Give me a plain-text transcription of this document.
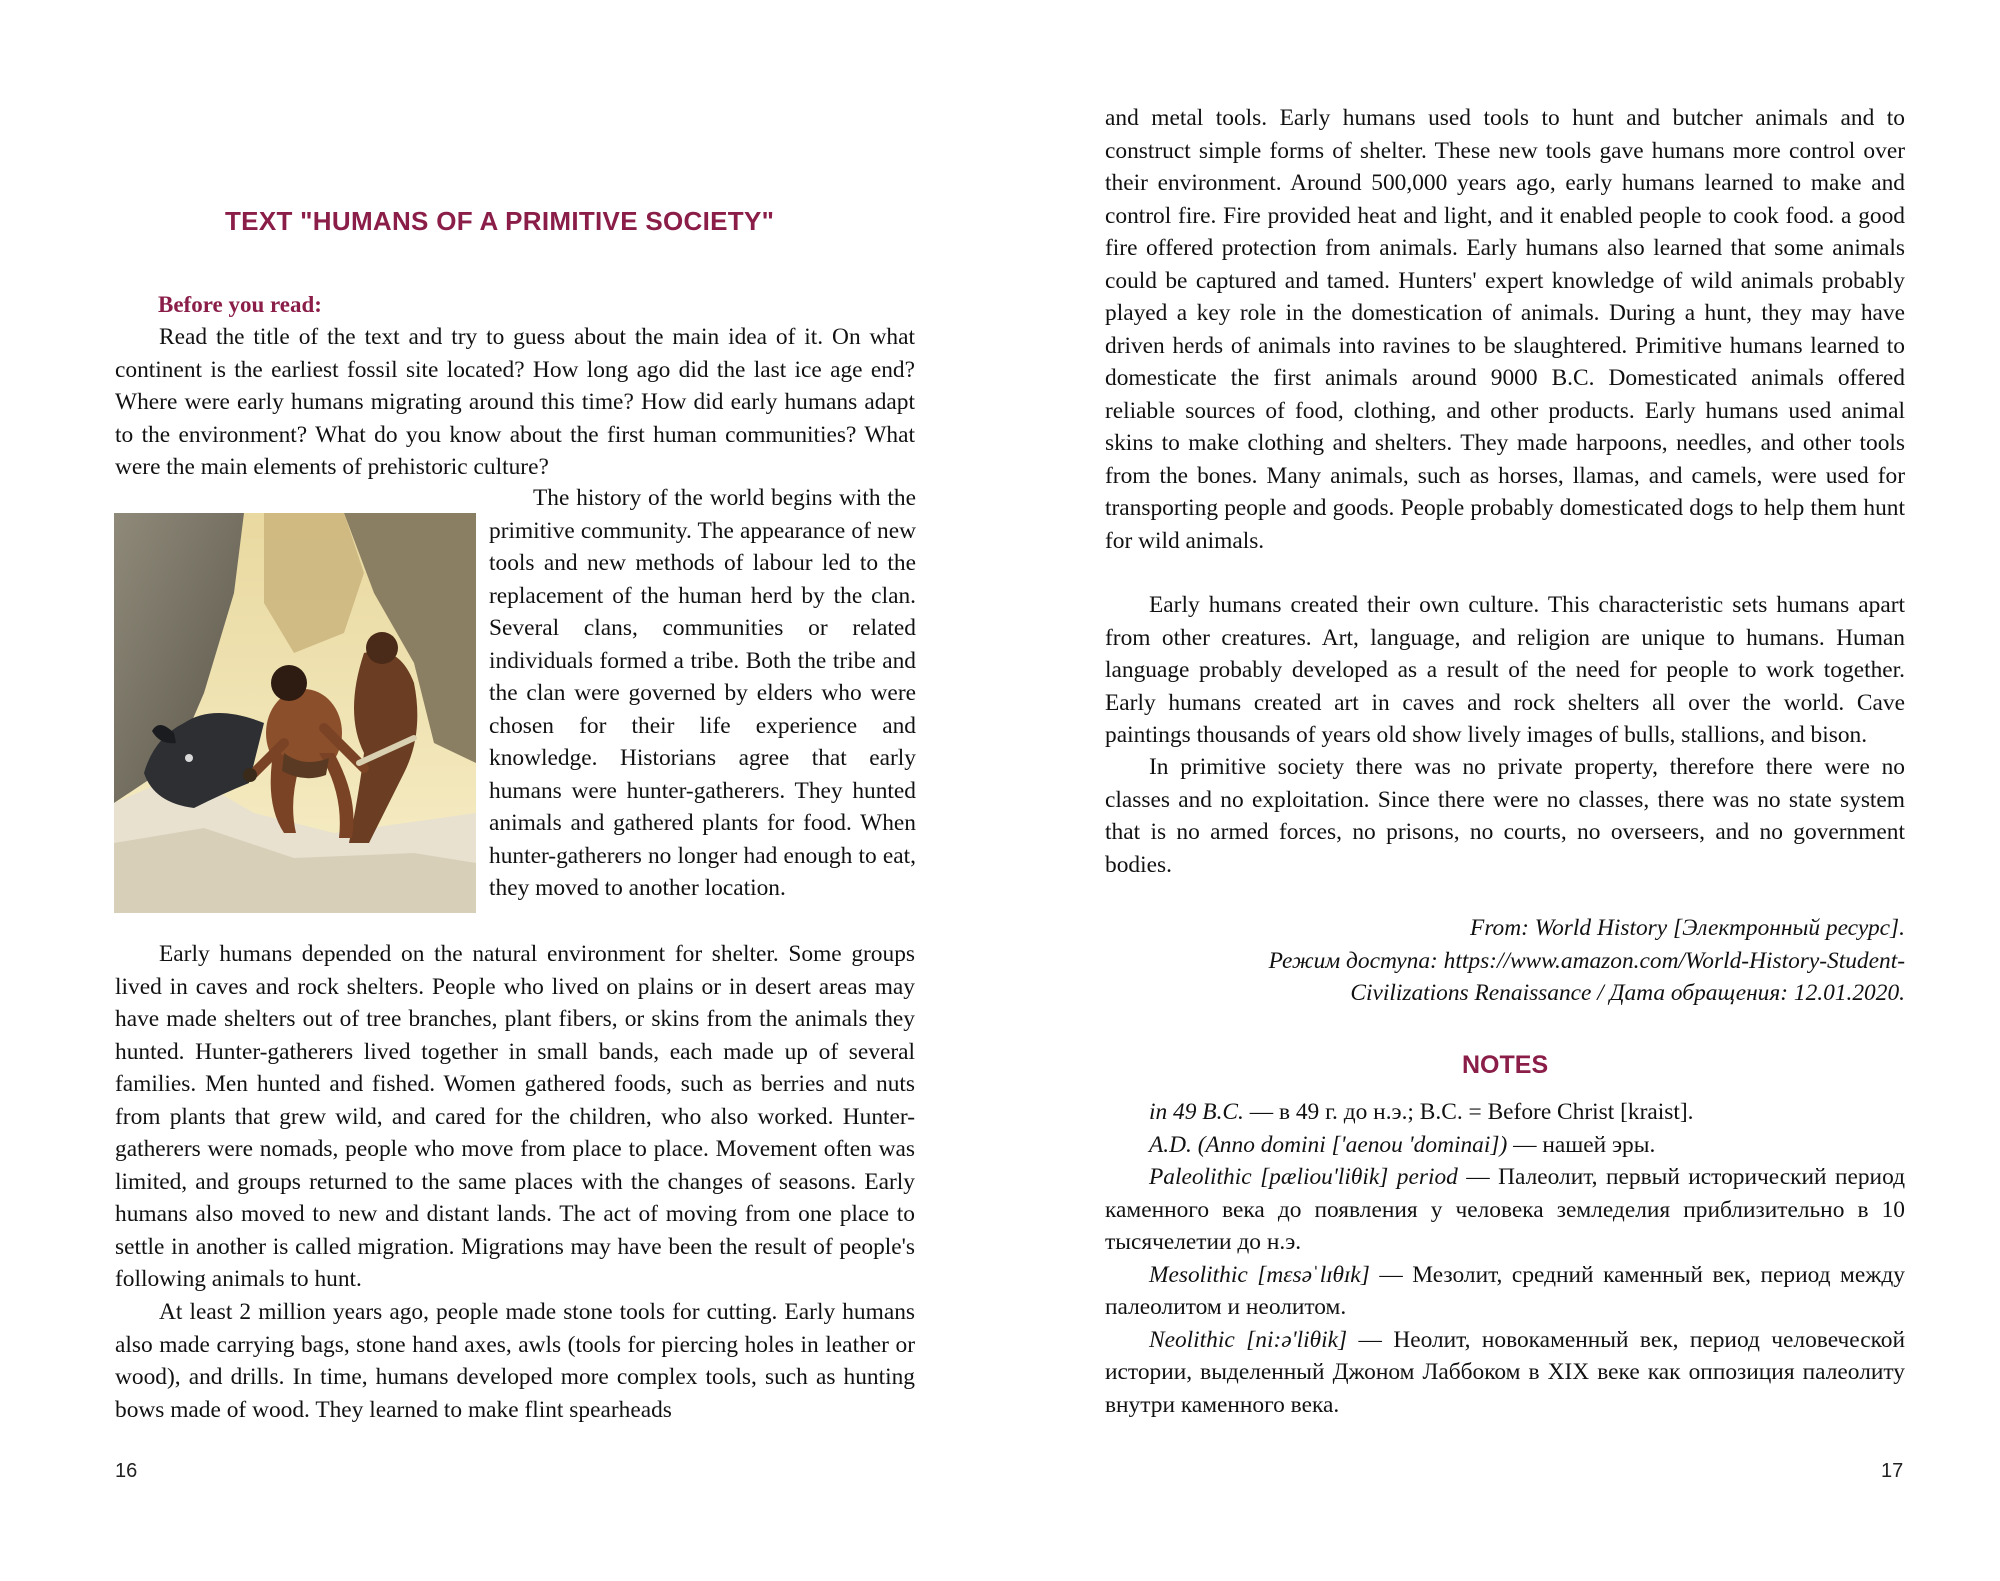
TEXT "HUMANS OF A PRIMITIVE SOCIETY"

Before you read:

Read the title of the text and try to guess about the main idea of it. On what continent is the earliest fossil site located? How long ago did the last ice age end? Where were early humans migrating around this time? How did early humans adapt to the environment? What do you know about the first human communities? What were the main elements of prehistoric culture?

The history of the world begins with the primitive community. The appearance of new tools and new methods of labour led to the replacement of the human herd by the clan. Several clans, communities or related individuals formed a tribe. Both the tribe and the clan were governed by elders who were chosen for their life experience and knowledge. Historians agree that early humans were hunter-gatherers. They hunted animals and gathered plants for food. When hunter-gatherers no longer had enough to eat, they moved to another location.

Early humans depended on the natural environment for shelter. Some groups lived in caves and rock shelters. People who lived on plains or in desert areas may have made shelters out of tree branches, plant fibers, or skins from the animals they hunted. Hunter-gatherers lived together in small bands, each made up of several families. Men hunted and fished. Women gathered foods, such as berries and nuts from plants that grew wild, and cared for the children, who also worked. Hunter-gatherers were nomads, people who move from place to place. Movement often was limited, and groups returned to the same places with the changes of seasons. Early humans also moved to new and distant lands. The act of moving from one place to settle in another is called migration. Migrations may have been the result of people's following animals to hunt.

At least 2 million years ago, people made stone tools for cutting. Early humans also made carrying bags, stone hand axes, awls (tools for piercing holes in leather or wood), and drills. In time, humans developed more complex tools, such as hunting bows made of wood. They learned to make flint spearheads

16

and metal tools. Early humans used tools to hunt and butcher animals and to construct simple forms of shelter. These new tools gave humans more control over their environment. Around 500,000 years ago, early humans learned to make and control fire. Fire provided heat and light, and it enabled people to cook food. a good fire offered protection from animals. Early humans also learned that some animals could be captured and tamed. Hunters' expert knowledge of wild animals probably played a key role in the domestication of animals. During a hunt, they may have driven herds of animals into ravines to be slaughtered. Primitive humans learned to domesticate the first animals around 9000 B.C. Domesticated animals offered reliable sources of food, clothing, and other products. Early humans used animal skins to make clothing and shelters. They made harpoons, needles, and other tools from the bones. Many animals, such as horses, llamas, and camels, were used for transporting people and goods. People probably domesticated dogs to help them hunt for wild animals.

Early humans created their own culture. This characteristic sets humans apart from other creatures. Art, language, and religion are unique to humans. Human language probably developed as a result of the need for people to work together. Early humans created art in caves and rock shelters all over the world. Cave paintings thousands of years old show lively images of bulls, stallions, and bison.

In primitive society there was no private property, therefore there were no classes and no exploitation. Since there were no classes, there was no state system that is no armed forces, no prisons, no courts, no overseers, and no government bodies.

From: World History [Электронный ресурс].
Режим доступа: https://www.amazon.com/World-History-Student-
Civilizations Renaissance / Дата обращения: 12.01.2020.
NOTES

in 49 B.C. — в 49 г. до н.э.; B.C. = Before Christ [kraist].

A.D. (Anno domini ['aenou 'dominai]) — нашей эры.

Paleolithic [pæliou'liθik] period — Палеолит, первый исторический период каменного века до появления у человека земледелия приблизительно в 10 тысячелетии до н.э.

Mesolithic [mεsəˈlɪθɪk] — Мезолит, средний каменный век, период между палеолитом и неолитом.

Neolithic [ni:ə'liθik] — Неолит, новокаменный век, период человеческой истории, выделенный Джоном Лаббоком в XIX веке как оппозиция палеолиту внутри каменного века.

17
